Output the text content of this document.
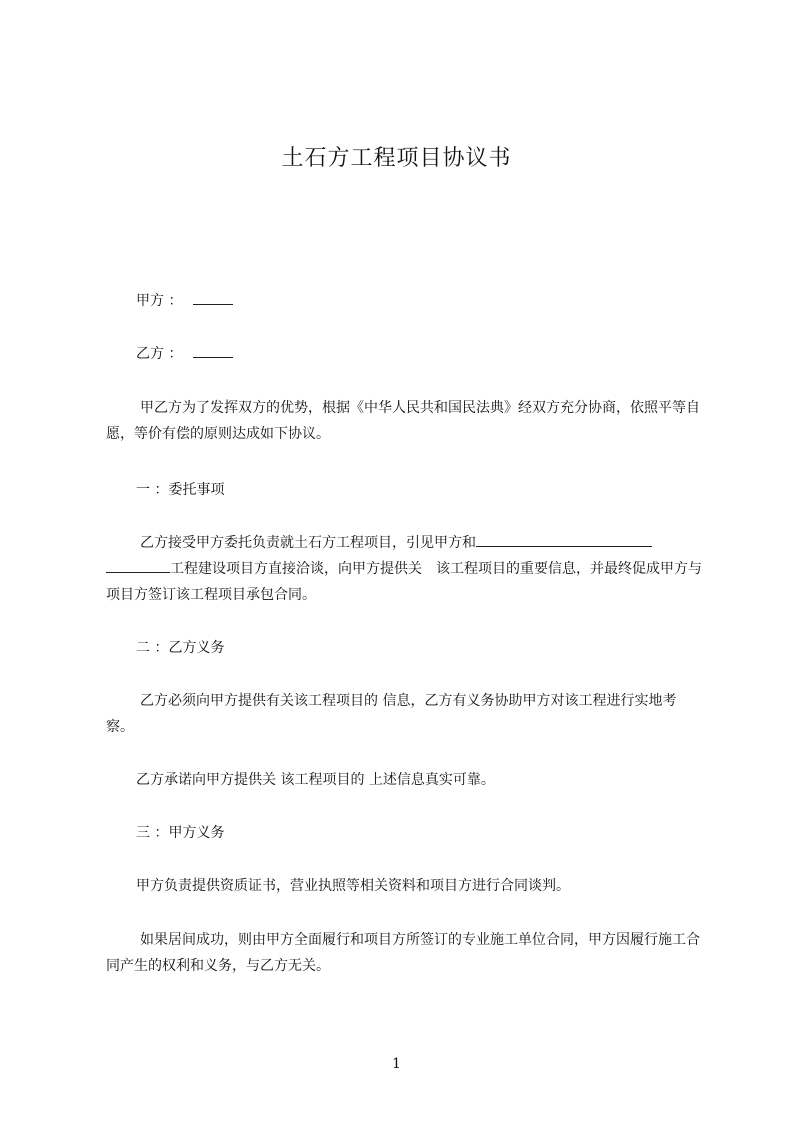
土石方工程项目协议书
甲方 ：
乙方 ：
甲乙方为了发挥双方的优势，根据《中华人民共和国民法典》经双方充分协商，依照平等自愿，等价有偿的原则达成如下协议。
一 ：委托事项
乙方接受甲方委托负责就土石方工程项目，引见甲方和 工程建设项目方直接洽谈，向甲方提供关　该工程项目的重要信息，并最终促成甲方与项目方签订该工程项目承包合同。
二 ：乙方义务
乙方必须向甲方提供有关该工程项目的 信息，乙方有义务协助甲方对该工程进行实地考察。
乙方承诺向甲方提供关 该工程项目的 上述信息真实可靠。
三 ：甲方义务
甲方负责提供资质证书，营业执照等相关资料和项目方进行合同谈判。
如果居间成功，则由甲方全面履行和项目方所签订的专业施工单位合同，甲方因履行施工合同产生的权利和义务，与乙方无关。
1
